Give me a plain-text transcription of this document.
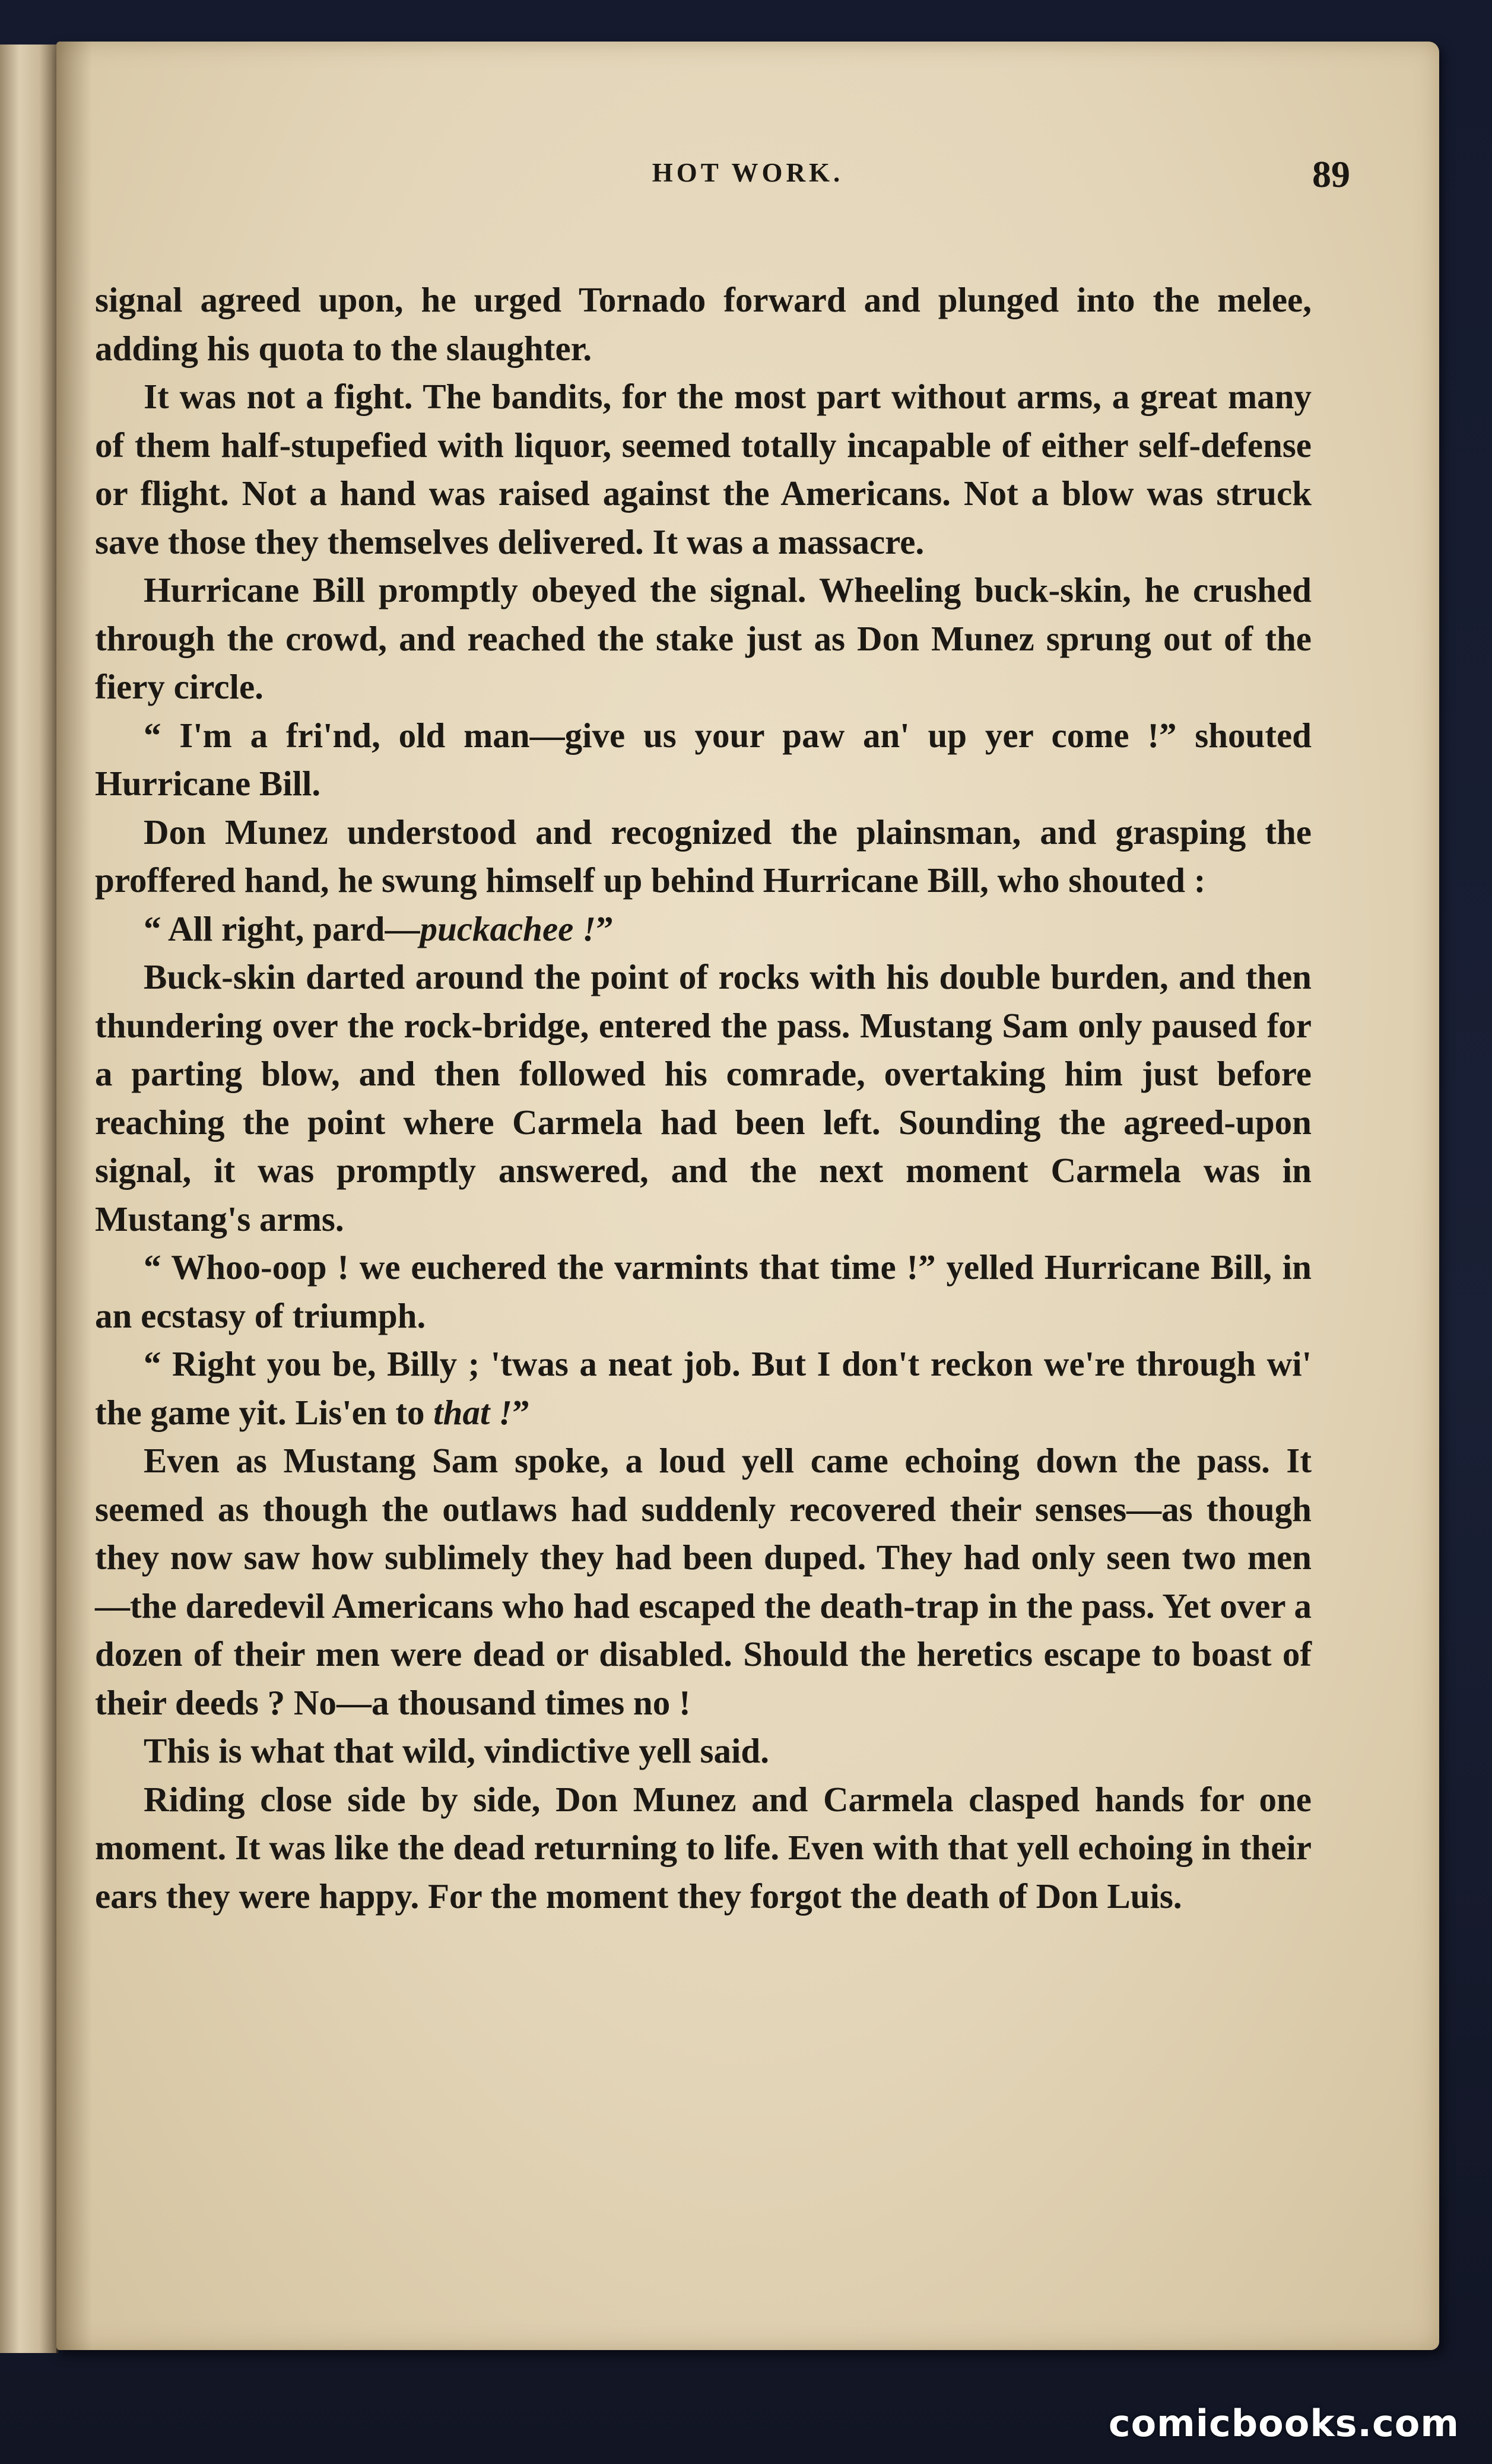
HOT WORK.	89

signal agreed upon, he urged Tornado forward and plunged into the melee, adding his quota to the slaughter.

It was not a fight. The bandits, for the most part without arms, a great many of them half-stupefied with liquor, seemed totally incapable of either self-defense or flight. Not a hand was raised against the Americans. Not a blow was struck save those they themselves delivered. It was a massacre.

Hurricane Bill promptly obeyed the signal. Wheeling buck-skin, he crushed through the crowd, and reached the stake just as Don Munez sprung out of the fiery circle.

“ I'm a fri'nd, old man—give us your paw an' up yer come !” shouted Hurricane Bill.

Don Munez understood and recognized the plainsman, and grasping the proffered hand, he swung himself up behind Hurricane Bill, who shouted :

“ All right, pard—puckachee !”

Buck-skin darted around the point of rocks with his double burden, and then thundering over the rock-bridge, entered the pass. Mustang Sam only paused for a parting blow, and then followed his comrade, overtaking him just before reaching the point where Carmela had been left. Sounding the agreed-upon signal, it was promptly answered, and the next moment Carmela was in Mustang's arms.

“ Whoo-oop ! we euchered the varmints that time !” yelled Hurricane Bill, in an ecstasy of triumph.

“ Right you be, Billy ; 'twas a neat job. But I don't reckon we're through wi' the game yit. Lis'en to that !”

Even as Mustang Sam spoke, a loud yell came echoing down the pass. It seemed as though the outlaws had suddenly recovered their senses—as though they now saw how sublimely they had been duped. They had only seen two men—the daredevil Americans who had escaped the death-trap in the pass. Yet over a dozen of their men were dead or disabled. Should the heretics escape to boast of their deeds ? No—a thousand times no !

This is what that wild, vindictive yell said.

Riding close side by side, Don Munez and Carmela clasped hands for one moment. It was like the dead returning to life. Even with that yell echoing in their ears they were happy. For the moment they forgot the death of Don Luis.

comicbooks.com
